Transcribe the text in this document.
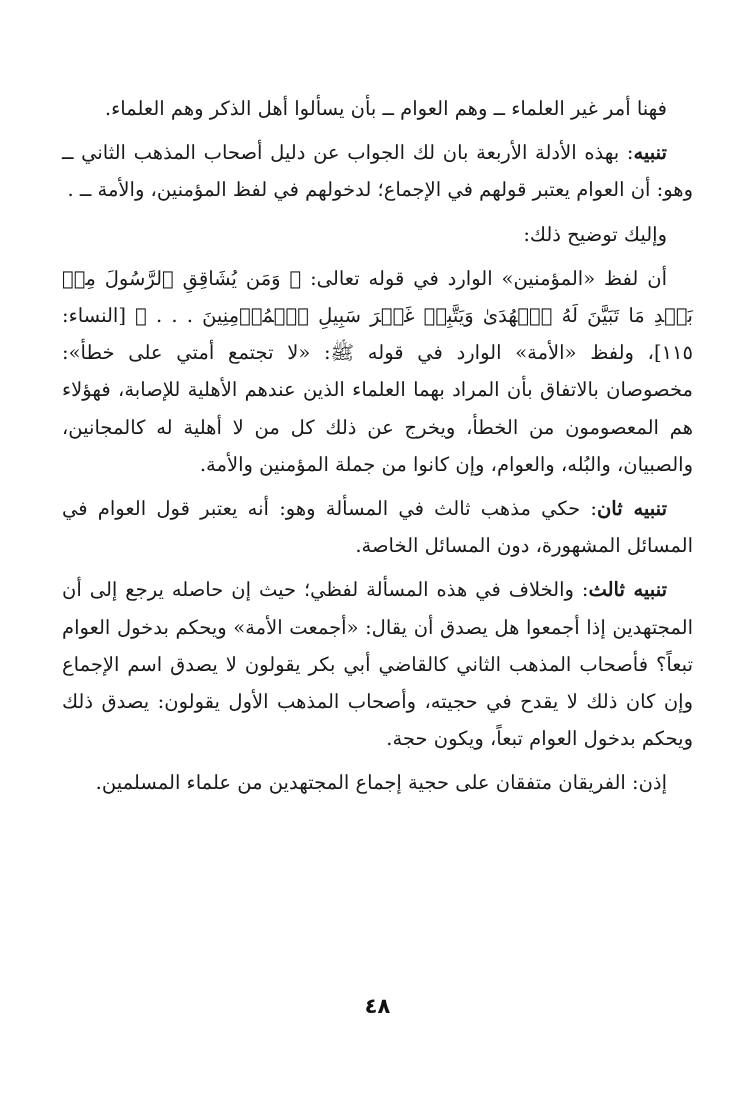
فهنا أمر غير العلماء ــ وهم العوام ــ بأن يسألوا أهل الذكر وهم العلماء.

تنبيه: بهذه الأدلة الأربعة بان لك الجواب عن دليل أصحاب المذهب الثاني ــ وهو: أن العوام يعتبر قولهم في الإجماع؛ لدخولهم في لفظ المؤمنين، والأمة ــ .

وإليك توضيح ذلك:

أن لفظ «المؤمنين» الوارد في قوله تعالى: ﴿ وَمَن يُشَاقِقِ ٱلرَّسُولَ مِنۢ بَعۡدِ مَا تَبَيَّنَ لَهُ ٱلۡهُدَىٰ وَيَتَّبِعۡ غَيۡرَ سَبِيلِ ٱلۡمُؤۡمِنِينَ . . . ﴾ [النساء: ١١٥]، ولفظ «الأمة» الوارد في قوله ﷺ: «لا تجتمع أمتي على خطأ»: مخصوصان بالاتفاق بأن المراد بهما العلماء الذين عندهم الأهلية للإصابة، فهؤلاء هم المعصومون من الخطأ، ويخرج عن ذلك كل من لا أهلية له كالمجانين، والصبيان، والبُله، والعوام، وإن كانوا من جملة المؤمنين والأمة.

تنبيه ثان: حكي مذهب ثالث في المسألة وهو: أنه يعتبر قول العوام في المسائل المشهورة، دون المسائل الخاصة.

تنبيه ثالث: والخلاف في هذه المسألة لفظي؛ حيث إن حاصله يرجع إلى أن المجتهدين إذا أجمعوا هل يصدق أن يقال: «أجمعت الأمة» ويحكم بدخول العوام تبعاً؟ فأصحاب المذهب الثاني كالقاضي أبي بكر يقولون لا يصدق اسم الإجماع وإن كان ذلك لا يقدح في حجيته، وأصحاب المذهب الأول يقولون: يصدق ذلك ويحكم بدخول العوام تبعاً، ويكون حجة.

إذن: الفريقان متفقان على حجية إجماع المجتهدين من علماء المسلمين.

٤٨
